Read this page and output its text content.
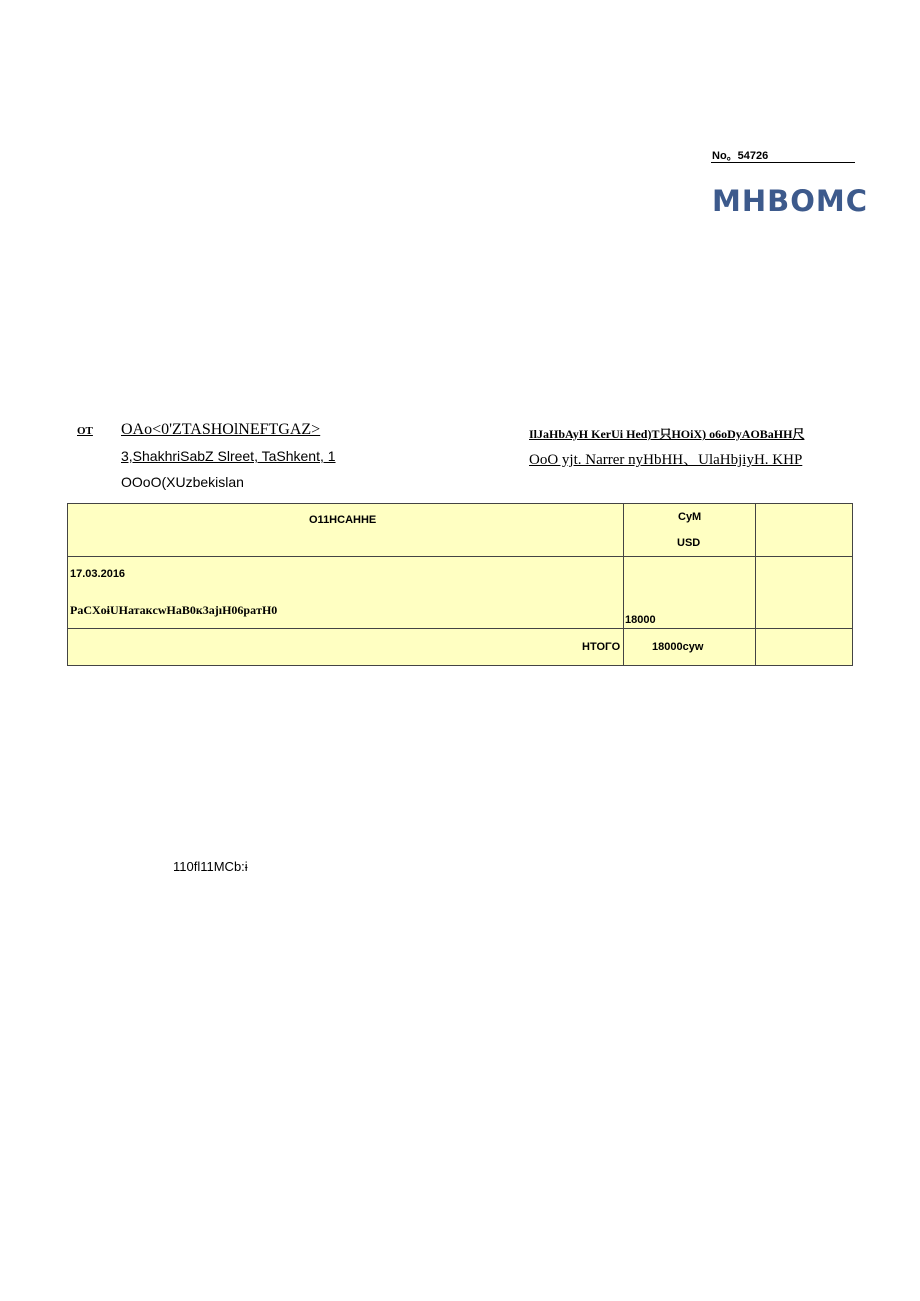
No。54726
MHBOMC
OT OAo<0'ZTASHOlNEFTGAZ>
3,ShakhriSabZ Slreet, TaShkent, 1
OOoO(XUzbekislan
IlJaHbAyH KerUi Hed)T只HOiX) o6oDyAOBaHH尺
OoO yjt. Narrer nyHbHH、UlaHbjiyH. KHP
O11HCAHHE	CyM
USD
17.03.2016
PaCXoɨUHатaкcwHaB0к3ajıH06paтH0
18000
HTOΓO	18000cyw
110fl11MCb:ɨ
